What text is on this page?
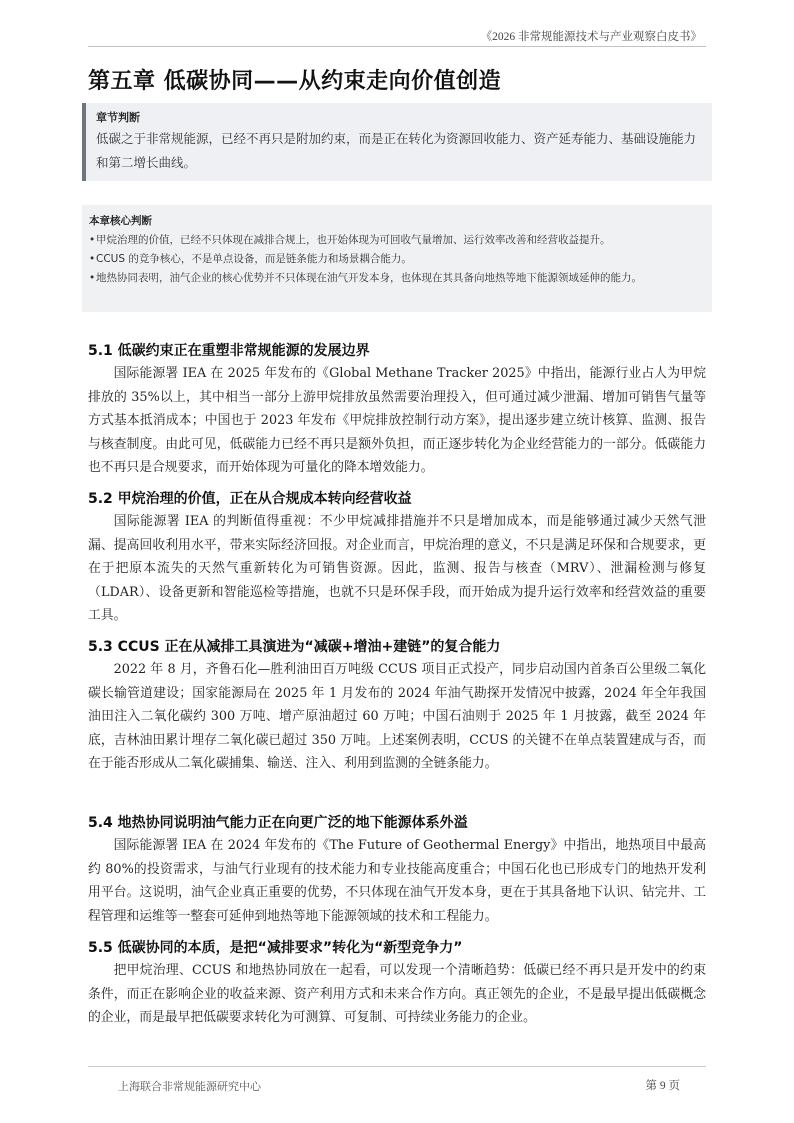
《2026 非常规能源技术与产业观察白皮书》
第五章 低碳协同——从约束走向价值创造
章节判断
低碳之于非常规能源，已经不再只是附加约束，而是正在转化为资源回收能力、资产延寿能力、基础设施能力和第二增长曲线。
本章核心判断
•甲烷治理的价值，已经不只体现在减排合规上，也开始体现为可回收气量增加、运行效率改善和经营收益提升。
•CCUS 的竞争核心，不是单点设备，而是链条能力和场景耦合能力。
•地热协同表明，油气企业的核心优势并不只体现在油气开发本身，也体现在其具备向地热等地下能源领域延伸的能力。
5.1 低碳约束正在重塑非常规能源的发展边界

国际能源署 IEA 在 2025 年发布的《Global Methane Tracker 2025》中指出，能源行业占人为甲烷排放的 35%以上，其中相当一部分上游甲烷排放虽然需要治理投入，但可通过减少泄漏、增加可销售气量等方式基本抵消成本；中国也于 2023 年发布《甲烷排放控制行动方案》，提出逐步建立统计核算、监测、报告与核查制度。由此可见，低碳能力已经不再只是额外负担，而正逐步转化为企业经营能力的一部分。低碳能力也不再只是合规要求，而开始体现为可量化的降本增效能力。

5.2 甲烷治理的价值，正在从合规成本转向经营收益

国际能源署 IEA 的判断值得重视：不少甲烷减排措施并不只是增加成本，而是能够通过减少天然气泄漏、提高回收利用水平，带来实际经济回报。对企业而言，甲烷治理的意义，不只是满足环保和合规要求，更在于把原本流失的天然气重新转化为可销售资源。因此，监测、报告与核查（MRV）、泄漏检测与修复（LDAR）、设备更新和智能巡检等措施，也就不只是环保手段，而开始成为提升运行效率和经营效益的重要工具。

5.3 CCUS 正在从减排工具演进为“减碳+增油+建链”的复合能力

2022 年 8 月，齐鲁石化—胜利油田百万吨级 CCUS 项目正式投产，同步启动国内首条百公里级二氧化碳长输管道建设；国家能源局在 2025 年 1 月发布的 2024 年油气勘探开发情况中披露，2024 年全年我国油田注入二氧化碳约 300 万吨、增产原油超过 60 万吨；中国石油则于 2025 年 1 月披露，截至 2024 年底，吉林油田累计埋存二氧化碳已超过 350 万吨。上述案例表明，CCUS 的关键不在单点装置建成与否，而在于能否形成从二氧化碳捕集、输送、注入、利用到监测的全链条能力。

5.4 地热协同说明油气能力正在向更广泛的地下能源体系外溢

国际能源署 IEA 在 2024 年发布的《The Future of Geothermal Energy》中指出，地热项目中最高约 80%的投资需求，与油气行业现有的技术能力和专业技能高度重合；中国石化也已形成专门的地热开发利用平台。这说明，油气企业真正重要的优势，不只体现在油气开发本身，更在于其具备地下认识、钻完井、工程管理和运维等一整套可延伸到地热等地下能源领域的技术和工程能力。

5.5 低碳协同的本质，是把“减排要求”转化为“新型竞争力”

把甲烷治理、CCUS 和地热协同放在一起看，可以发现一个清晰趋势：低碳已经不再只是开发中的约束条件，而正在影响企业的收益来源、资产利用方式和未来合作方向。真正领先的企业，不是最早提出低碳概念的企业，而是最早把低碳要求转化为可测算、可复制、可持续业务能力的企业。

上海联合非常规能源研究中心	第 9 页
